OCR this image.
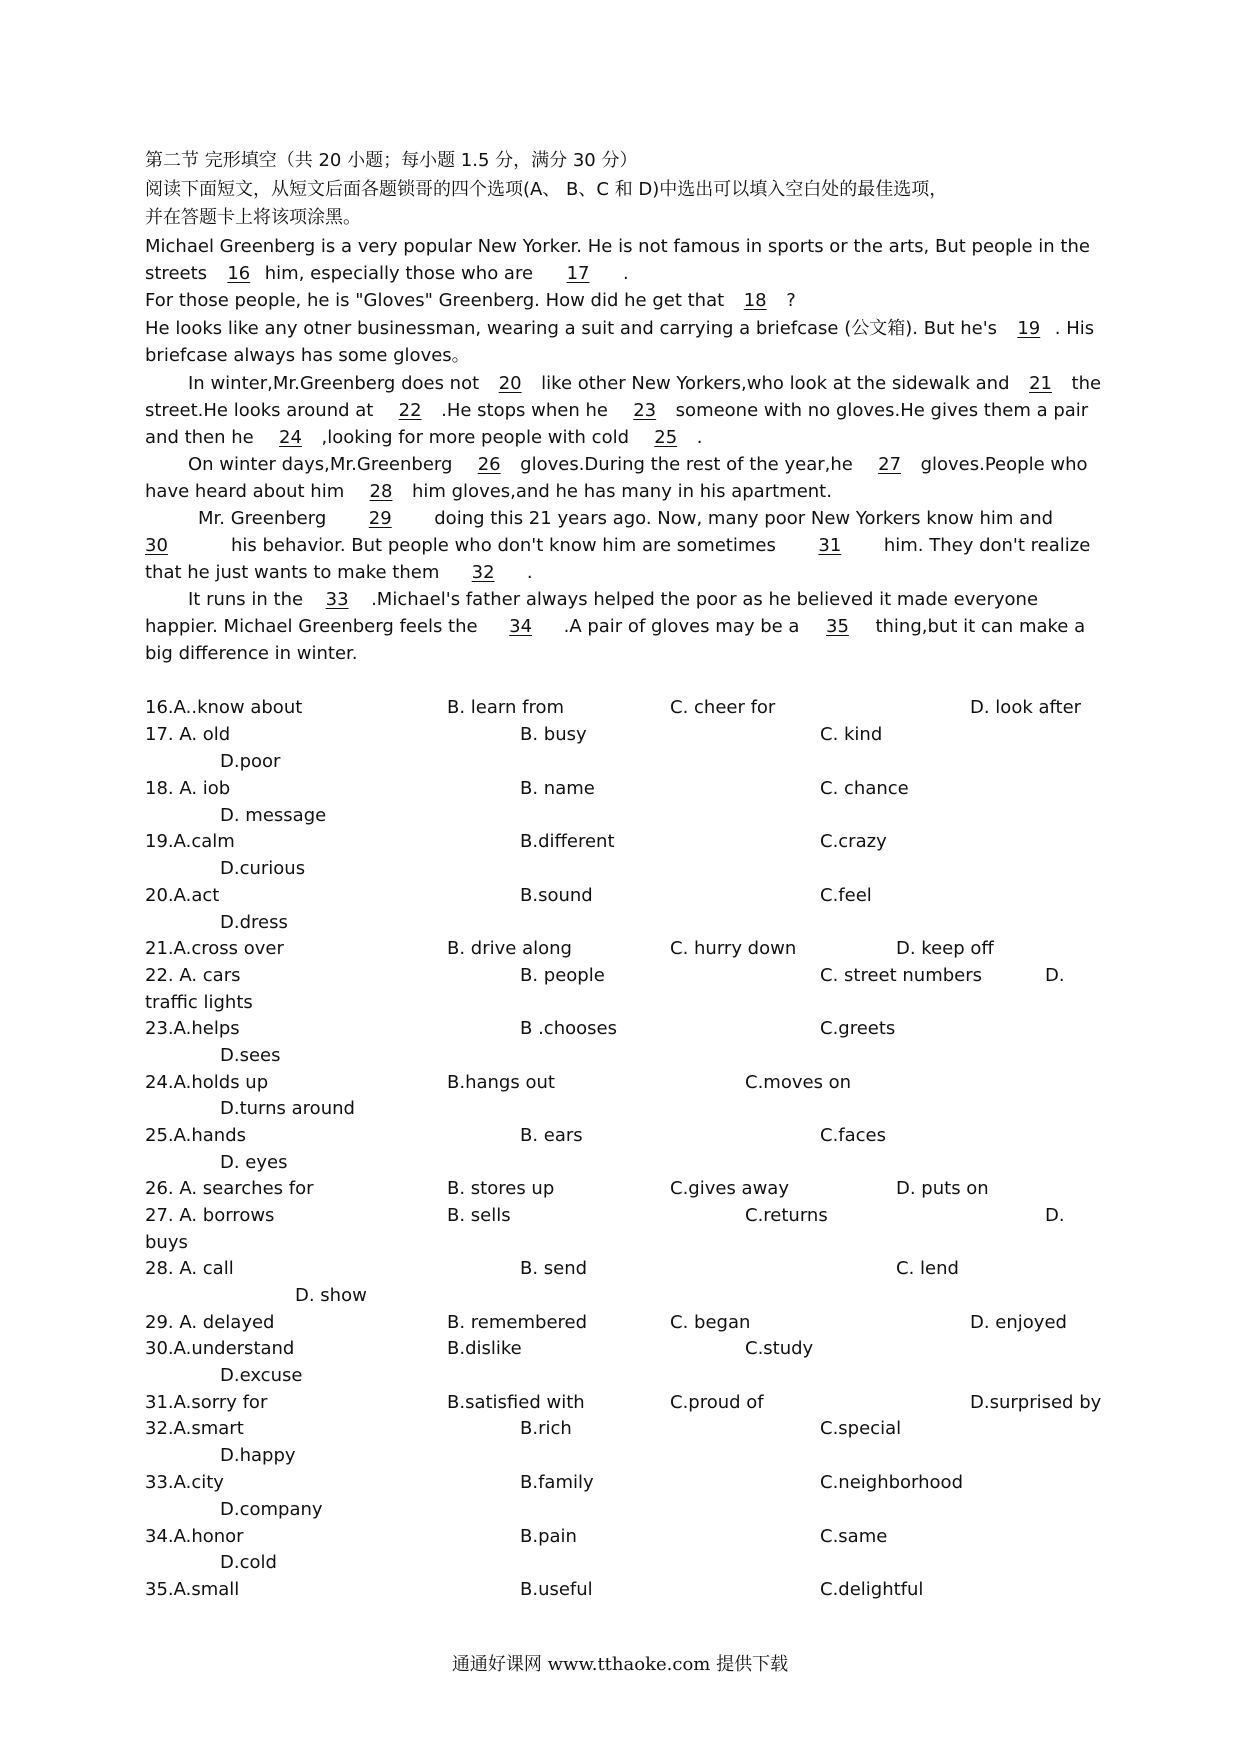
第二节 完形填空（共 20 小题；每小题 1.5 分，满分 30 分）
阅读下面短文，从短文后面各题锁哥的四个选项(A、 B、C 和 D)中选出可以填入空白处的最佳选项，
并在答题卡上将该项涂黑。
Michael Greenberg is a very popular New Yorker. He is not famous in sports or the arts, But people in the
streets 16 him, especially those who are 17 .
For those people, he is "Gloves" Greenberg. How did he get that 18 ?
He looks like any otner businessman, wearing a suit and carrying a briefcase (公文箱). But he's 19 . His
briefcase always has some gloves。
In winter,Mr.Greenberg does not 20 like other New Yorkers,who look at the sidewalk and 21 the
street.He looks around at 22 .He stops when he 23 someone with no gloves.He gives them a pair
and then he 24 ,looking for more people with cold 25 .
On winter days,Mr.Greenberg 26 gloves.During the rest of the year,he 27 gloves.People who
have heard about him 28 him gloves,and he has many in his apartment.
Mr. Greenberg 29 doing this 21 years ago. Now, many poor New Yorkers know him and
30	his behavior. But people who don't know him are sometimes 31 him. They don't realize
that he just wants to make them 32 .
It runs in the 33 .Michael's father always helped the poor as he believed it made everyone
happier. Michael Greenberg feels the 34 .A pair of gloves may be a 35 thing,but it can make a
big difference in winter.
16.A..know about	B. learn from	C. cheer for	D. look after
17. A. old	B. busy	C. kind
D.poor
18. A. iob	B. name	C. chance
D. message
19.A.calm	B.different	C.crazy
D.curious
20.A.act	B.sound	C.feel
D.dress
21.A.cross over	B. drive along	C. hurry down	D. keep off
22. A. cars	B. people	C. street numbers	D.
traffic lights
23.A.helps	B .chooses	C.greets
D.sees
24.A.holds up	B.hangs out	C.moves on
D.turns around
25.A.hands	B. ears	C.faces
D. eyes
26. A. searches for	B. stores up	C.gives away	D. puts on
27. A. borrows	B. sells	C.returns	D.
buys
28. A. call	B. send	C. lend
D. show
29. A. delayed	B. remembered	C. began	D. enjoyed
30.A.understand	B.dislike	C.study
D.excuse
31.A.sorry for	B.satisfied with	C.proud of	D.surprised by
32.A.smart	B.rich	C.special
D.happy
33.A.city	B.family	C.neighborhood
D.company
34.A.honor	B.pain	C.same
D.cold
35.A.small	B.useful	C.delightful
通通好课网 www.tthaoke.com 提供下载
